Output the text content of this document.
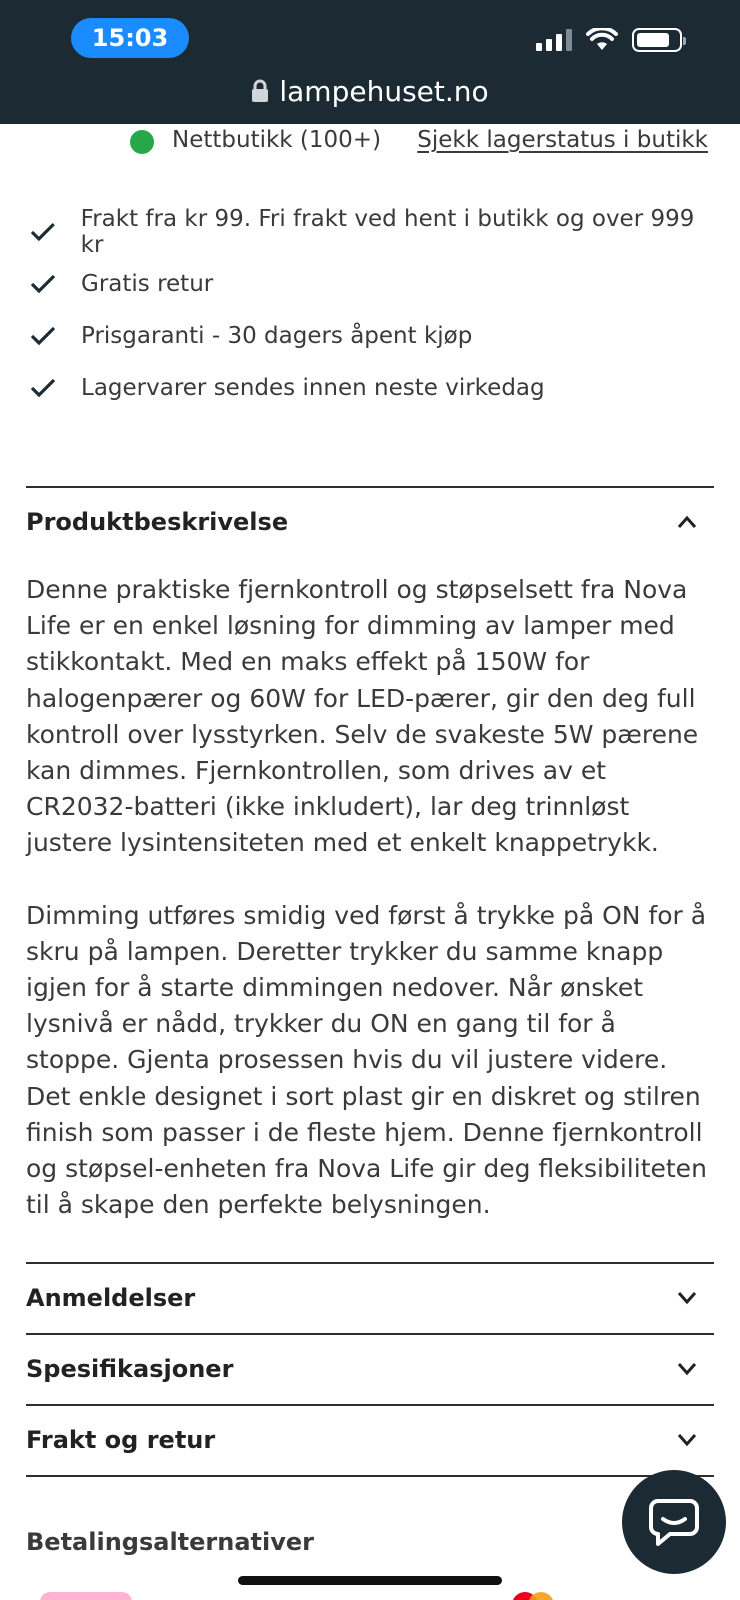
15:03
lampehuset.no
Nettbutikk (100+) Sjekk lagerstatus i butikk
Frakt fra kr 99. Fri frakt ved hent i butikk og over 999 kr
Gratis retur
Prisgaranti - 30 dagers åpent kjøp
Lagervarer sendes innen neste virkedag
Produktbeskrivelse

Denne praktiske fjernkontroll og støpselsett fra Nova Life er en enkel løsning for dimming av lamper med stikkontakt. Med en maks effekt på 150W for halogenpærer og 60W for LED-pærer, gir den deg full kontroll over lysstyrken. Selv de svakeste 5W pærene kan dimmes. Fjernkontrollen, som drives av et CR2032-batteri (ikke inkludert), lar deg trinnløst justere lysintensiteten med et enkelt knappetrykk.

Dimming utføres smidig ved først å trykke på ON for å skru på lampen. Deretter trykker du samme knapp igjen for å starte dimmingen nedover. Når ønsket lysnivå er nådd, trykker du ON en gang til for å stoppe. Gjenta prosessen hvis du vil justere videre. Det enkle designet i sort plast gir en diskret og stilren finish som passer i de fleste hjem. Denne fjernkontroll og støpsel-enheten fra Nova Life gir deg fleksibiliteten til å skape den perfekte belysningen.

Anmeldelser
Spesifikasjoner
Frakt og retur
Betalingsalternativer
